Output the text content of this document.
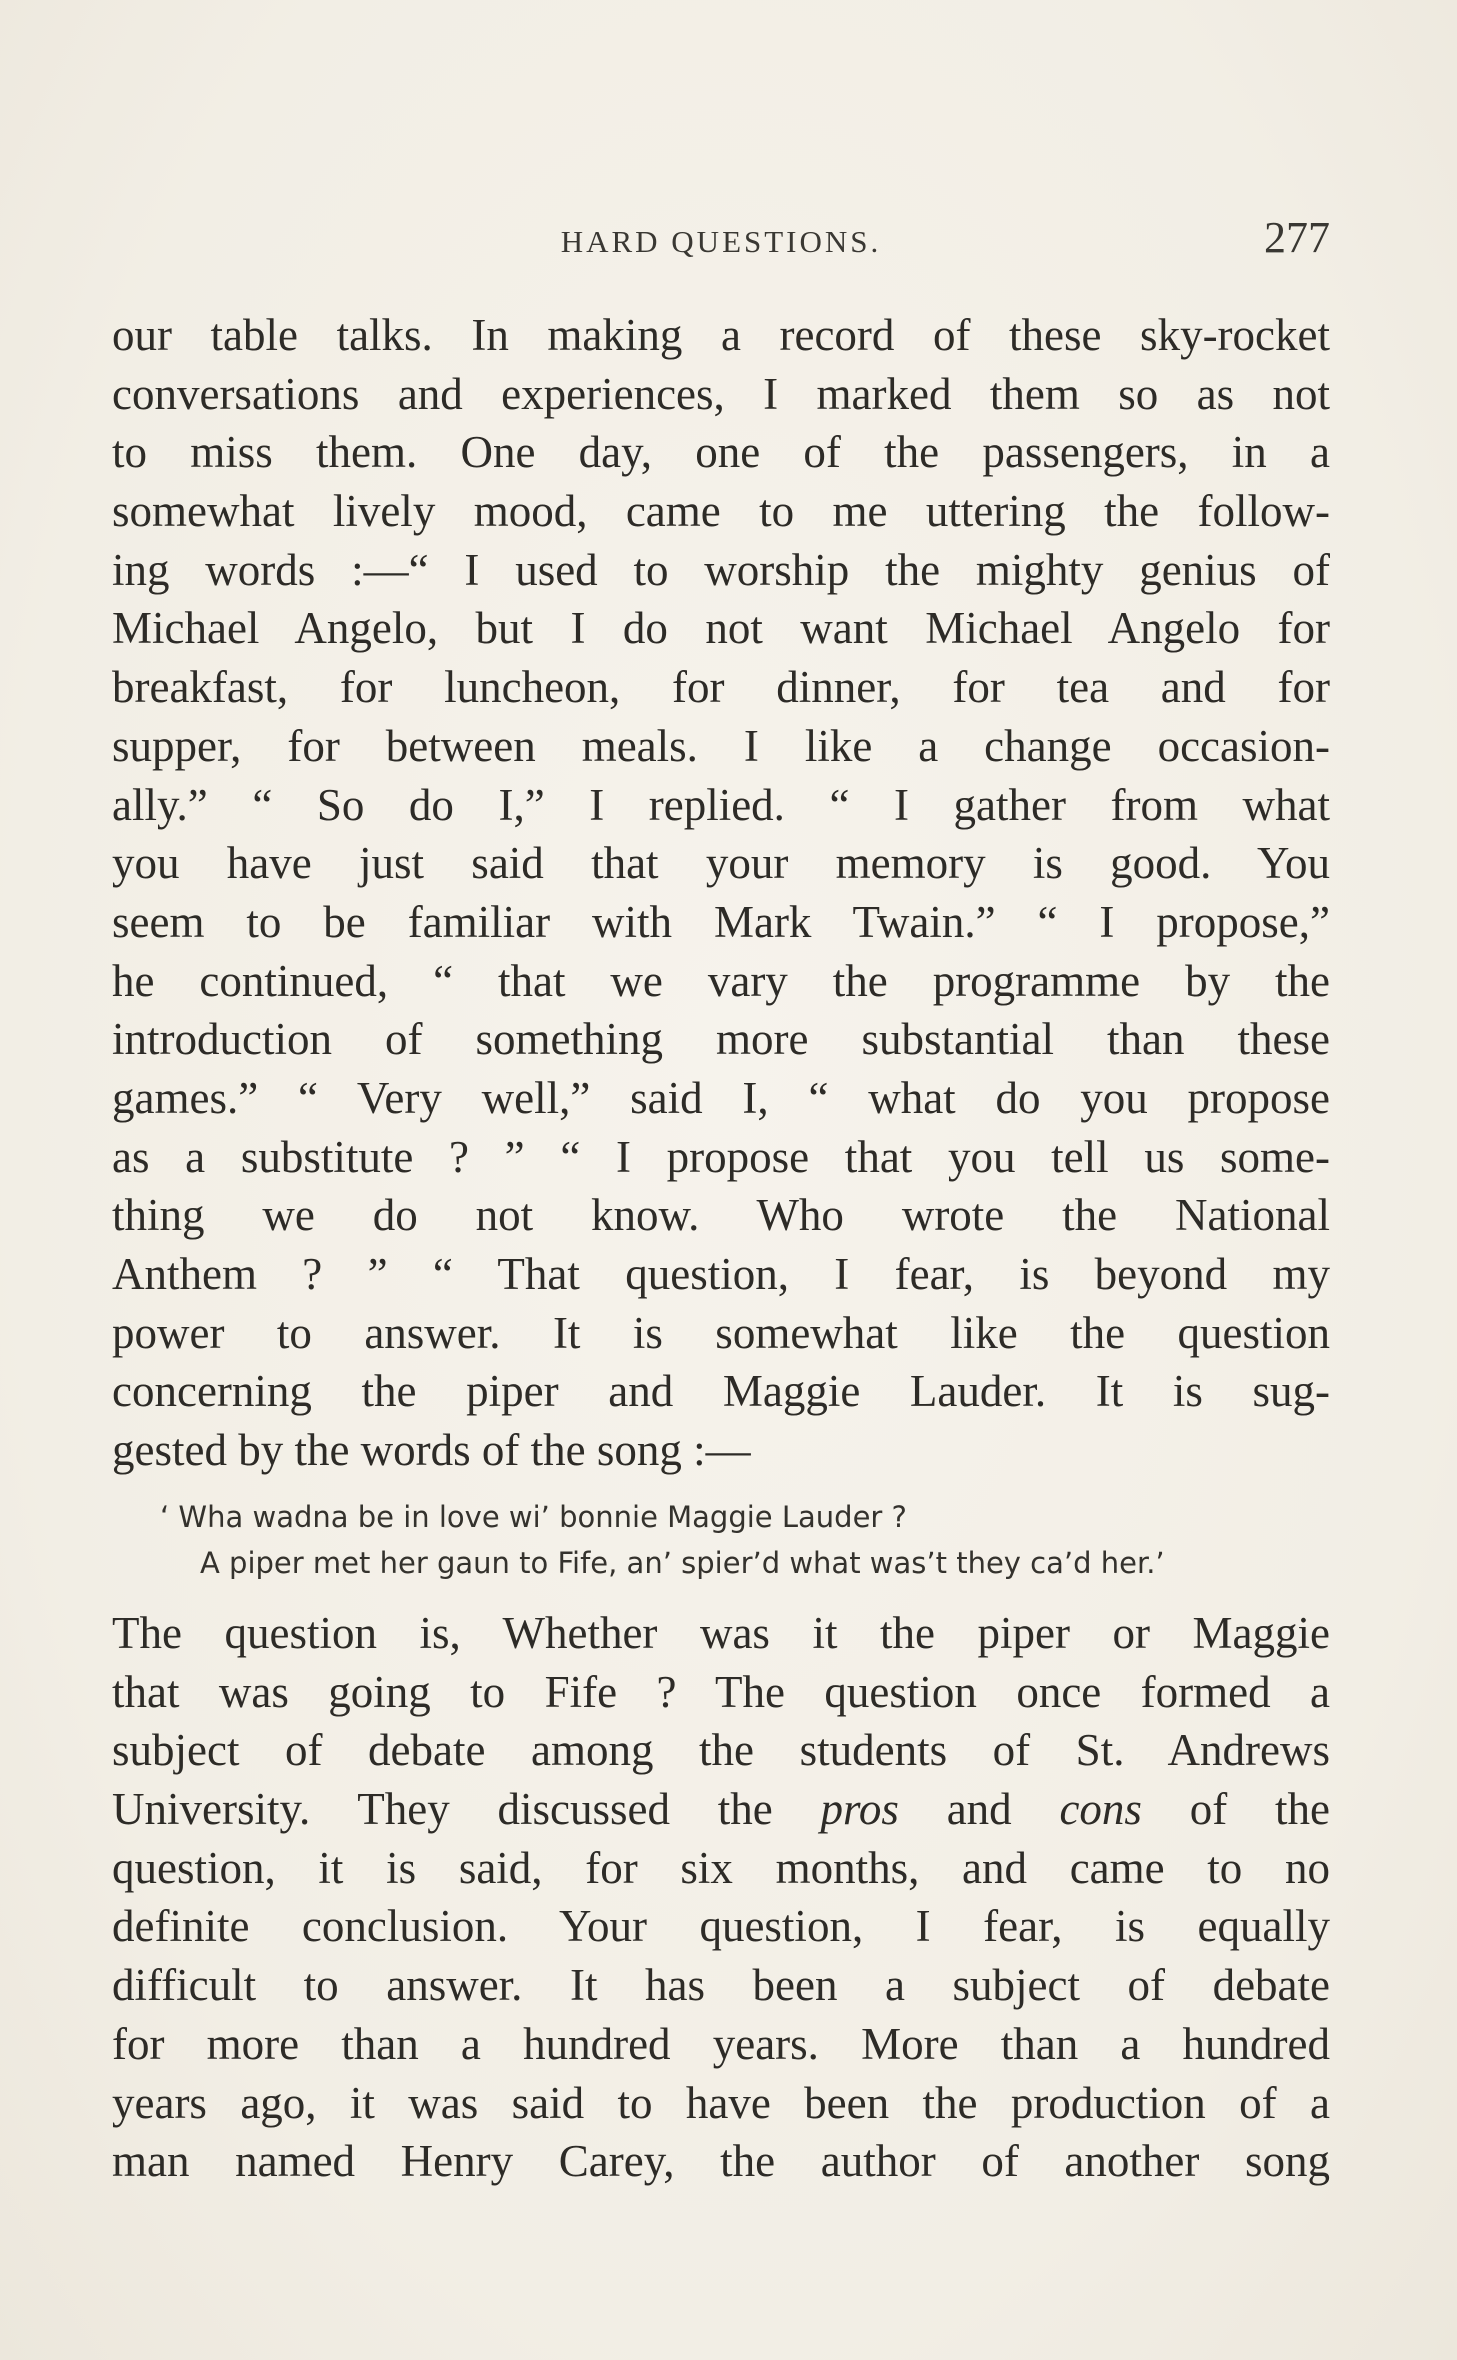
HARD QUESTIONS.	277
our table talks. In making a record of these sky-rocket
conversations and experiences, I marked them so as not
to miss them. One day, one of the passengers, in a
somewhat lively mood, came to me uttering the follow-
ing words :—“ I used to worship the mighty genius of
Michael Angelo, but I do not want Michael Angelo for
breakfast, for luncheon, for dinner, for tea and for
supper, for between meals. I like a change occasion-
ally.” “ So do I,” I replied. “ I gather from what
you have just said that your memory is good. You
seem to be familiar with Mark Twain.” “ I propose,”
he continued, “ that we vary the programme by the
introduction of something more substantial than these
games.” “ Very well,” said I, “ what do you propose
as a substitute ? ” “ I propose that you tell us some-
thing we do not know. Who wrote the National
Anthem ? ” “ That question, I fear, is beyond my
power to answer. It is somewhat like the question
concerning the piper and Maggie Lauder. It is sug-
gested by the words of the song :—
‘ Wha wadna be in love wi’ bonnie Maggie Lauder ?
A piper met her gaun to Fife, an’ spier’d what was’t they ca’d her.’
The question is, Whether was it the piper or Maggie
that was going to Fife ? The question once formed a
subject of debate among the students of St. Andrews
University. They discussed the pros and cons of the
question, it is said, for six months, and came to no
definite conclusion. Your question, I fear, is equally
difficult to answer. It has been a subject of debate
for more than a hundred years. More than a hundred
years ago, it was said to have been the production of a
man named Henry Carey, the author of another song
